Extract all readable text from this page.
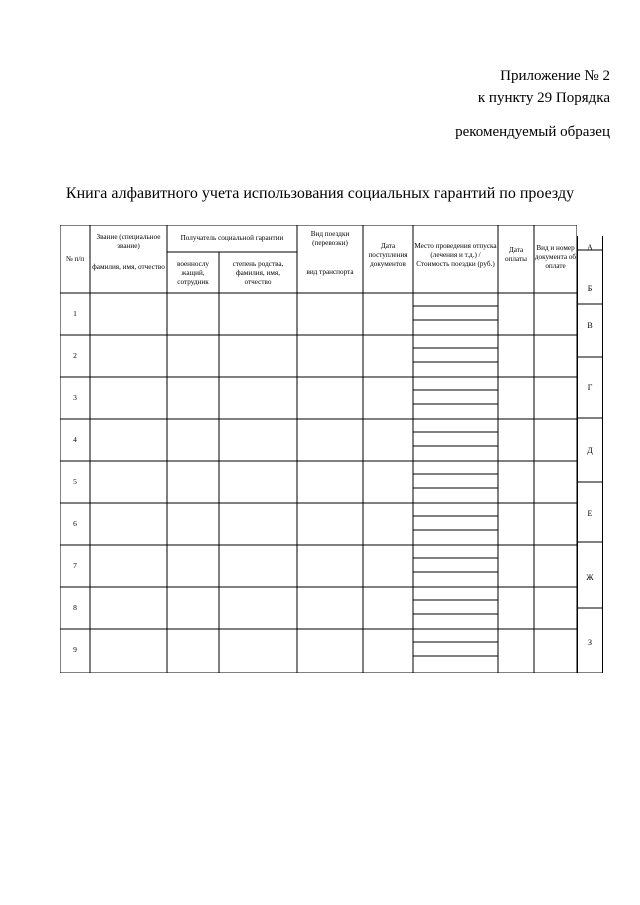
Приложение № 2
к пункту 29 Порядка
рекомендуемый образец
Книга алфавитного учета использования социальных гарантий по проезду
№ п/п
Звание (специальное звание)
фамилия, имя, отчество
Получатель социальной гарантии
военнослу жащий, сотрудник
степень родства, фамилия, имя, отчество
Вид поездки (перевозки)
вид транспорта
Дата поступления документов
Место проведения отпуска (лечения и т.д.) / Стоимость поездки (руб.)
Дата оплаты
Вид и номер документа об оплате
1
2
3
4
5
6
7
8
9
А
Б
В
Г
Д
Е
Ж
З
